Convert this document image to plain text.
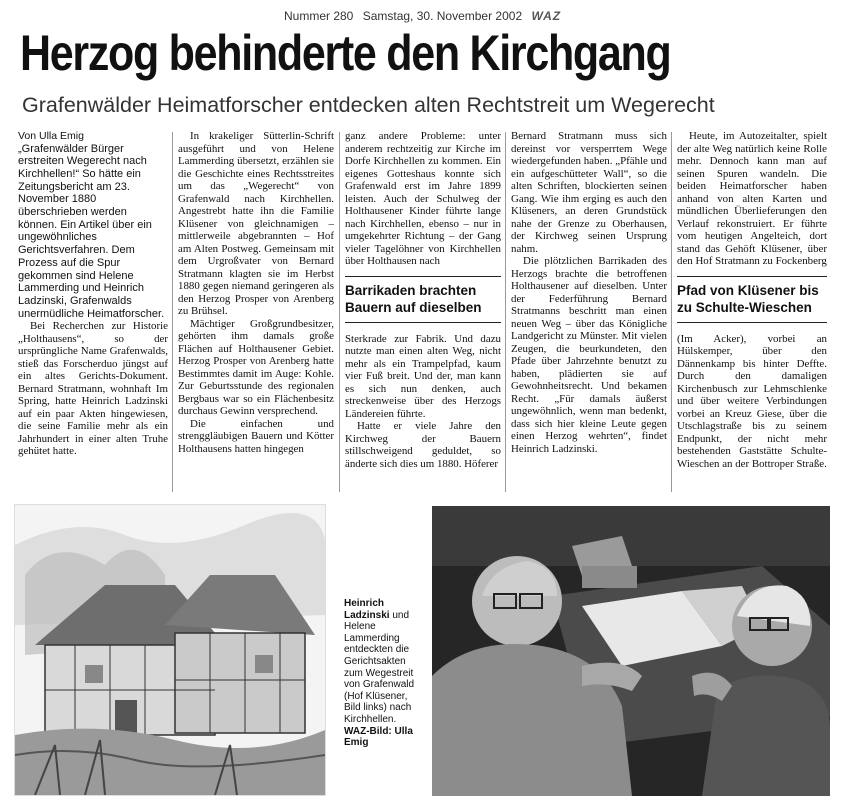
Nummer 280 Samstag, 30. November 2002 WAZ
Herzog behinderte den Kirchgang
Grafenwälder Heimatforscher entdecken alten Rechtstreit um Wegerecht

Von Ulla Emig

„Grafenwälder Bürger erstreiten Wegerecht nach Kirchhellen!“ So hätte ein Zeitungsbericht am 23. November 1880 überschrieben werden können. Ein Artikel über ein ungewöhnliches Gerichtsverfahren. Dem Prozess auf die Spur gekommen sind Helene Lammerding und Heinrich Ladzinski, Grafenwalds unermüdliche Heimatforscher.

Bei Recherchen zur Historie „Holthausens“, so der ursprüngliche Name Grafenwalds, stieß das Forscherduo jüngst auf ein altes Gerichts-Dokument. Bernard Stratmann, wohnhaft Im Spring, hatte Heinrich Ladzinski auf ein paar Akten hingewiesen, die seine Familie mehr als ein Jahrhundert in einer alten Truhe gehütet hatte.

In krakeliger Sütterlin-Schrift ausgeführt und von Helene Lammerding übersetzt, erzählen sie die Geschichte eines Rechtsstreites um das „Wegerecht“ von Grafenwald nach Kirchhellen. Angestrebt hatte ihn die Familie Klüsener von gleichnamigen – mittlerweile abgebrannten – Hof am Alten Postweg. Gemeinsam mit dem Urgroßvater von Bernard Stratmann klagten sie im Herbst 1880 gegen niemand geringeren als den Herzog Prosper von Arenberg zu Brühsel.

Mächtiger Großgrundbesitzer, gehörten ihm damals große Flächen auf Holthausener Gebiet. Herzog Prosper von Arenberg hatte Bestimmtes damit im Auge: Kohle. Zur Geburtsstunde des regionalen Bergbaus war so ein Flächenbesitz durchaus Gewinn versprechend.

Die einfachen und strenggläubigen Bauern und Kötter Holthausens hatten hingegen

ganz andere Probleme: unter anderem rechtzeitig zur Kirche im Dorfe Kirchhellen zu kommen. Ein eigenes Gotteshaus konnte sich Grafenwald erst im Jahre 1899 leisten. Auch der Schulweg der Holthausener Kinder führte lange nach Kirchhellen, ebenso – nur in umgekehrter Richtung – der Gang vieler Tagelöhner von Kirchhellen über Holthausen nach

Barrikaden brachten Bauern auf dieselben

Sterkrade zur Fabrik. Und dazu nutzte man einen alten Weg, nicht mehr als ein Trampelpfad, kaum vier Fuß breit. Und der, man kann es sich nun denken, auch streckenweise über des Herzogs Ländereien führte.

Hatte er viele Jahre den Kirchweg der Bauern stillschweigend geduldet, so änderte sich dies um 1880. Höferer

Bernard Stratmann muss sich dereinst vor versperrtem Wege wiedergefunden haben. „Pfähle und ein aufgeschütteter Wall“, so die alten Schriften, blockierten seinen Gang. Wie ihm erging es auch den Klüseners, an deren Grundstück nahe der Grenze zu Oberhausen, der Kirchweg seinen Ursprung nahm.

Die plötzlichen Barrikaden des Herzogs brachte die betroffenen Holthausener auf dieselben. Unter der Federführung Bernard Stratmanns beschritt man einen neuen Weg – über das Königliche Landgericht zu Münster. Mit vielen Zeugen, die beurkundeten, den Pfade über Jahrzehnte benutzt zu haben, plädierten sie auf Gewohnheitsrecht. Und bekamen Recht. „Für damals äußerst ungewöhnlich, wenn man bedenkt, dass sich hier kleine Leute gegen einen Herzog wehrten“, findet Heinrich Ladzinski.

Heute, im Autozeitalter, spielt der alte Weg natürlich keine Rolle mehr. Dennoch kann man auf seinen Spuren wandeln. Die beiden Heimatforscher haben anhand von alten Karten und mündlichen Überlieferungen den Verlauf rekonstruiert. Er führte vom heutigen Angelteich, dort stand das Gehöft Klüsener, über den Hof Stratmann zu Fockenberg

Pfad von Klüsener bis zu Schulte-Wieschen

(Im Acker), vorbei an Hülskemper, über den Dännenkamp bis hinter Deffte. Durch den damaligen Kirchenbusch zur Lehmschlenke und über weitere Verbindungen vorbei an Kreuz Giese, über die Utschlagstraße bis zu seinem Endpunkt, der nicht mehr bestehenden Gaststätte Schulte-Wieschen an der Bottroper Straße.

Heinrich Ladzinski und Helene Lammerding entdeckten die Gerichtsakten zum Wegestreit von Grafenwald (Hof Klüsener, Bild links) nach Kirchhellen.
WAZ-Bild: Ulla Emig
